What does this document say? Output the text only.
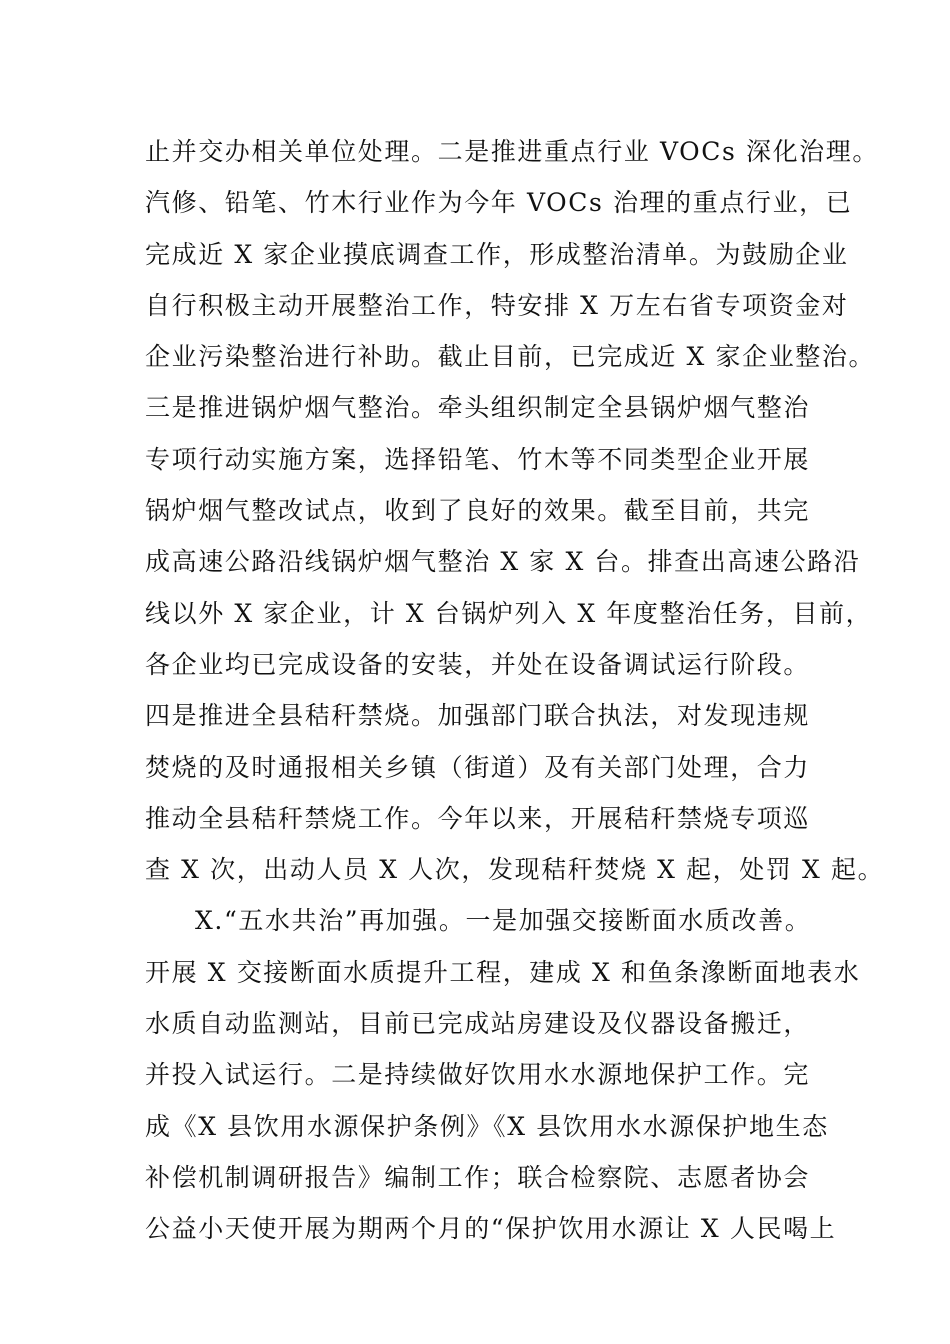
止并交办相关单位处理。二是推进重点行业 VOCs 深化治理。
汽修、铅笔、竹木行业作为今年 VOCs 治理的重点行业，已
完成近 X 家企业摸底调查工作，形成整治清单。为鼓励企业
自行积极主动开展整治工作，特安排 X 万左右省专项资金对
企业污染整治进行补助。截止目前，已完成近 X 家企业整治。
三是推进锅炉烟气整治。牵头组织制定全县锅炉烟气整治
专项行动实施方案，选择铅笔、竹木等不同类型企业开展
锅炉烟气整改试点，收到了良好的效果。截至目前，共完
成高速公路沿线锅炉烟气整治 X 家 X 台。排查出高速公路沿
线以外 X 家企业，计 X 台锅炉列入 X 年度整治任务，目前，
各企业均已完成设备的安装，并处在设备调试运行阶段。
四是推进全县秸秆禁烧。加强部门联合执法，对发现违规
焚烧的及时通报相关乡镇（街道）及有关部门处理，合力
推动全县秸秆禁烧工作。今年以来，开展秸秆禁烧专项巡
查 X 次，出动人员 X 人次，发现秸秆焚烧 X 起，处罚 X 起。
X.“五水共治”再加强。一是加强交接断面水质改善。
开展 X 交接断面水质提升工程，建成 X 和鱼条潒断面地表水
水质自动监测站，目前已完成站房建设及仪器设备搬迁，
并投入试运行。二是持续做好饮用水水源地保护工作。完
成《X 县饮用水源保护条例》《X 县饮用水水源保护地生态
补偿机制调研报告》编制工作；联合检察院、志愿者协会
公益小天使开展为期两个月的“保护饮用水源让 X 人民喝上
